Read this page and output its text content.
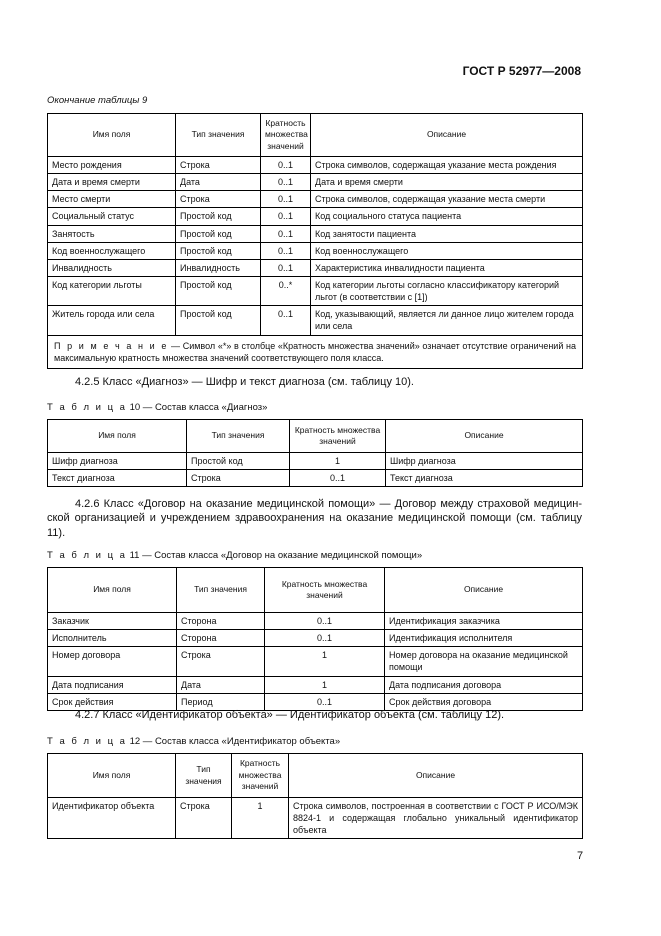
ГОСТ Р 52977—2008
Окончание таблицы 9
Имя поля	Тип значения	Кратность множества значений	Описание
Место рождения	Строка	0..1	Строка символов, содержащая указание места рождения
Дата и время смерти	Дата	0..1	Дата и время смерти
Место смерти	Строка	0..1	Строка символов, содержащая указание места смерти
Социальный статус	Простой код	0..1	Код социального статуса пациента
Занятость	Простой код	0..1	Код занятости пациента
Код военнослужащего	Простой код	0..1	Код военнослужащего
Инвалидность	Инвалидность	0..1	Характеристика инвалидности пациента
Код категории льготы	Простой код	0..*	Код категории льготы согласно классификатору категорий льгот (в соответствии с [1])
Житель города или села	Простой код	0..1	Код, указывающий, является ли данное лицо жителем города или села
П р и м е ч а н и е — Символ «*» в столбце «Кратность множества значений» означает отсутствие ограничений на максимальную кратность множества значений соответствующего поля класса.			
4.2.5 Класс «Диагноз» — Шифр и текст диагноза (см. таблицу 10).
Т а б л и ц а 10 — Состав класса «Диагноз»
Имя поля	Тип значения	Кратность множества значений	Описание
Шифр диагноза	Простой код	1	Шифр диагноза
Текст диагноза	Строка	0..1	Текст диагноза
4.2.6 Класс «Договор на оказание медицинской помощи» — Договор между страховой медицинской организацией и учреждением здравоохранения на оказание медицинской помощи (см. таблицу 11).
Т а б л и ц а 11 — Состав класса «Договор на оказание медицинской помощи»
Имя поля	Тип значения	Кратность множества значений	Описание
Заказчик	Сторона	0..1	Идентификация заказчика
Исполнитель	Сторона	0..1	Идентификация исполнителя
Номер договора	Строка	1	Номер договора на оказание медицинской помощи
Дата подписания	Дата	1	Дата подписания договора
Срок действия	Период	0..1	Срок действия договора
4.2.7 Класс «Идентификатор объекта» — Идентификатор объекта (см. таблицу 12).
Т а б л и ц а 12 — Состав класса «Идентификатор объекта»
Имя поля	Тип значения	Кратность множества значений	Описание
Идентификатор объекта	Строка	1	Строка символов, построенная в соответствии с ГОСТ Р ИСО/МЭК 8824-1 и содержащая глобально уникальный идентификатор объекта
7
